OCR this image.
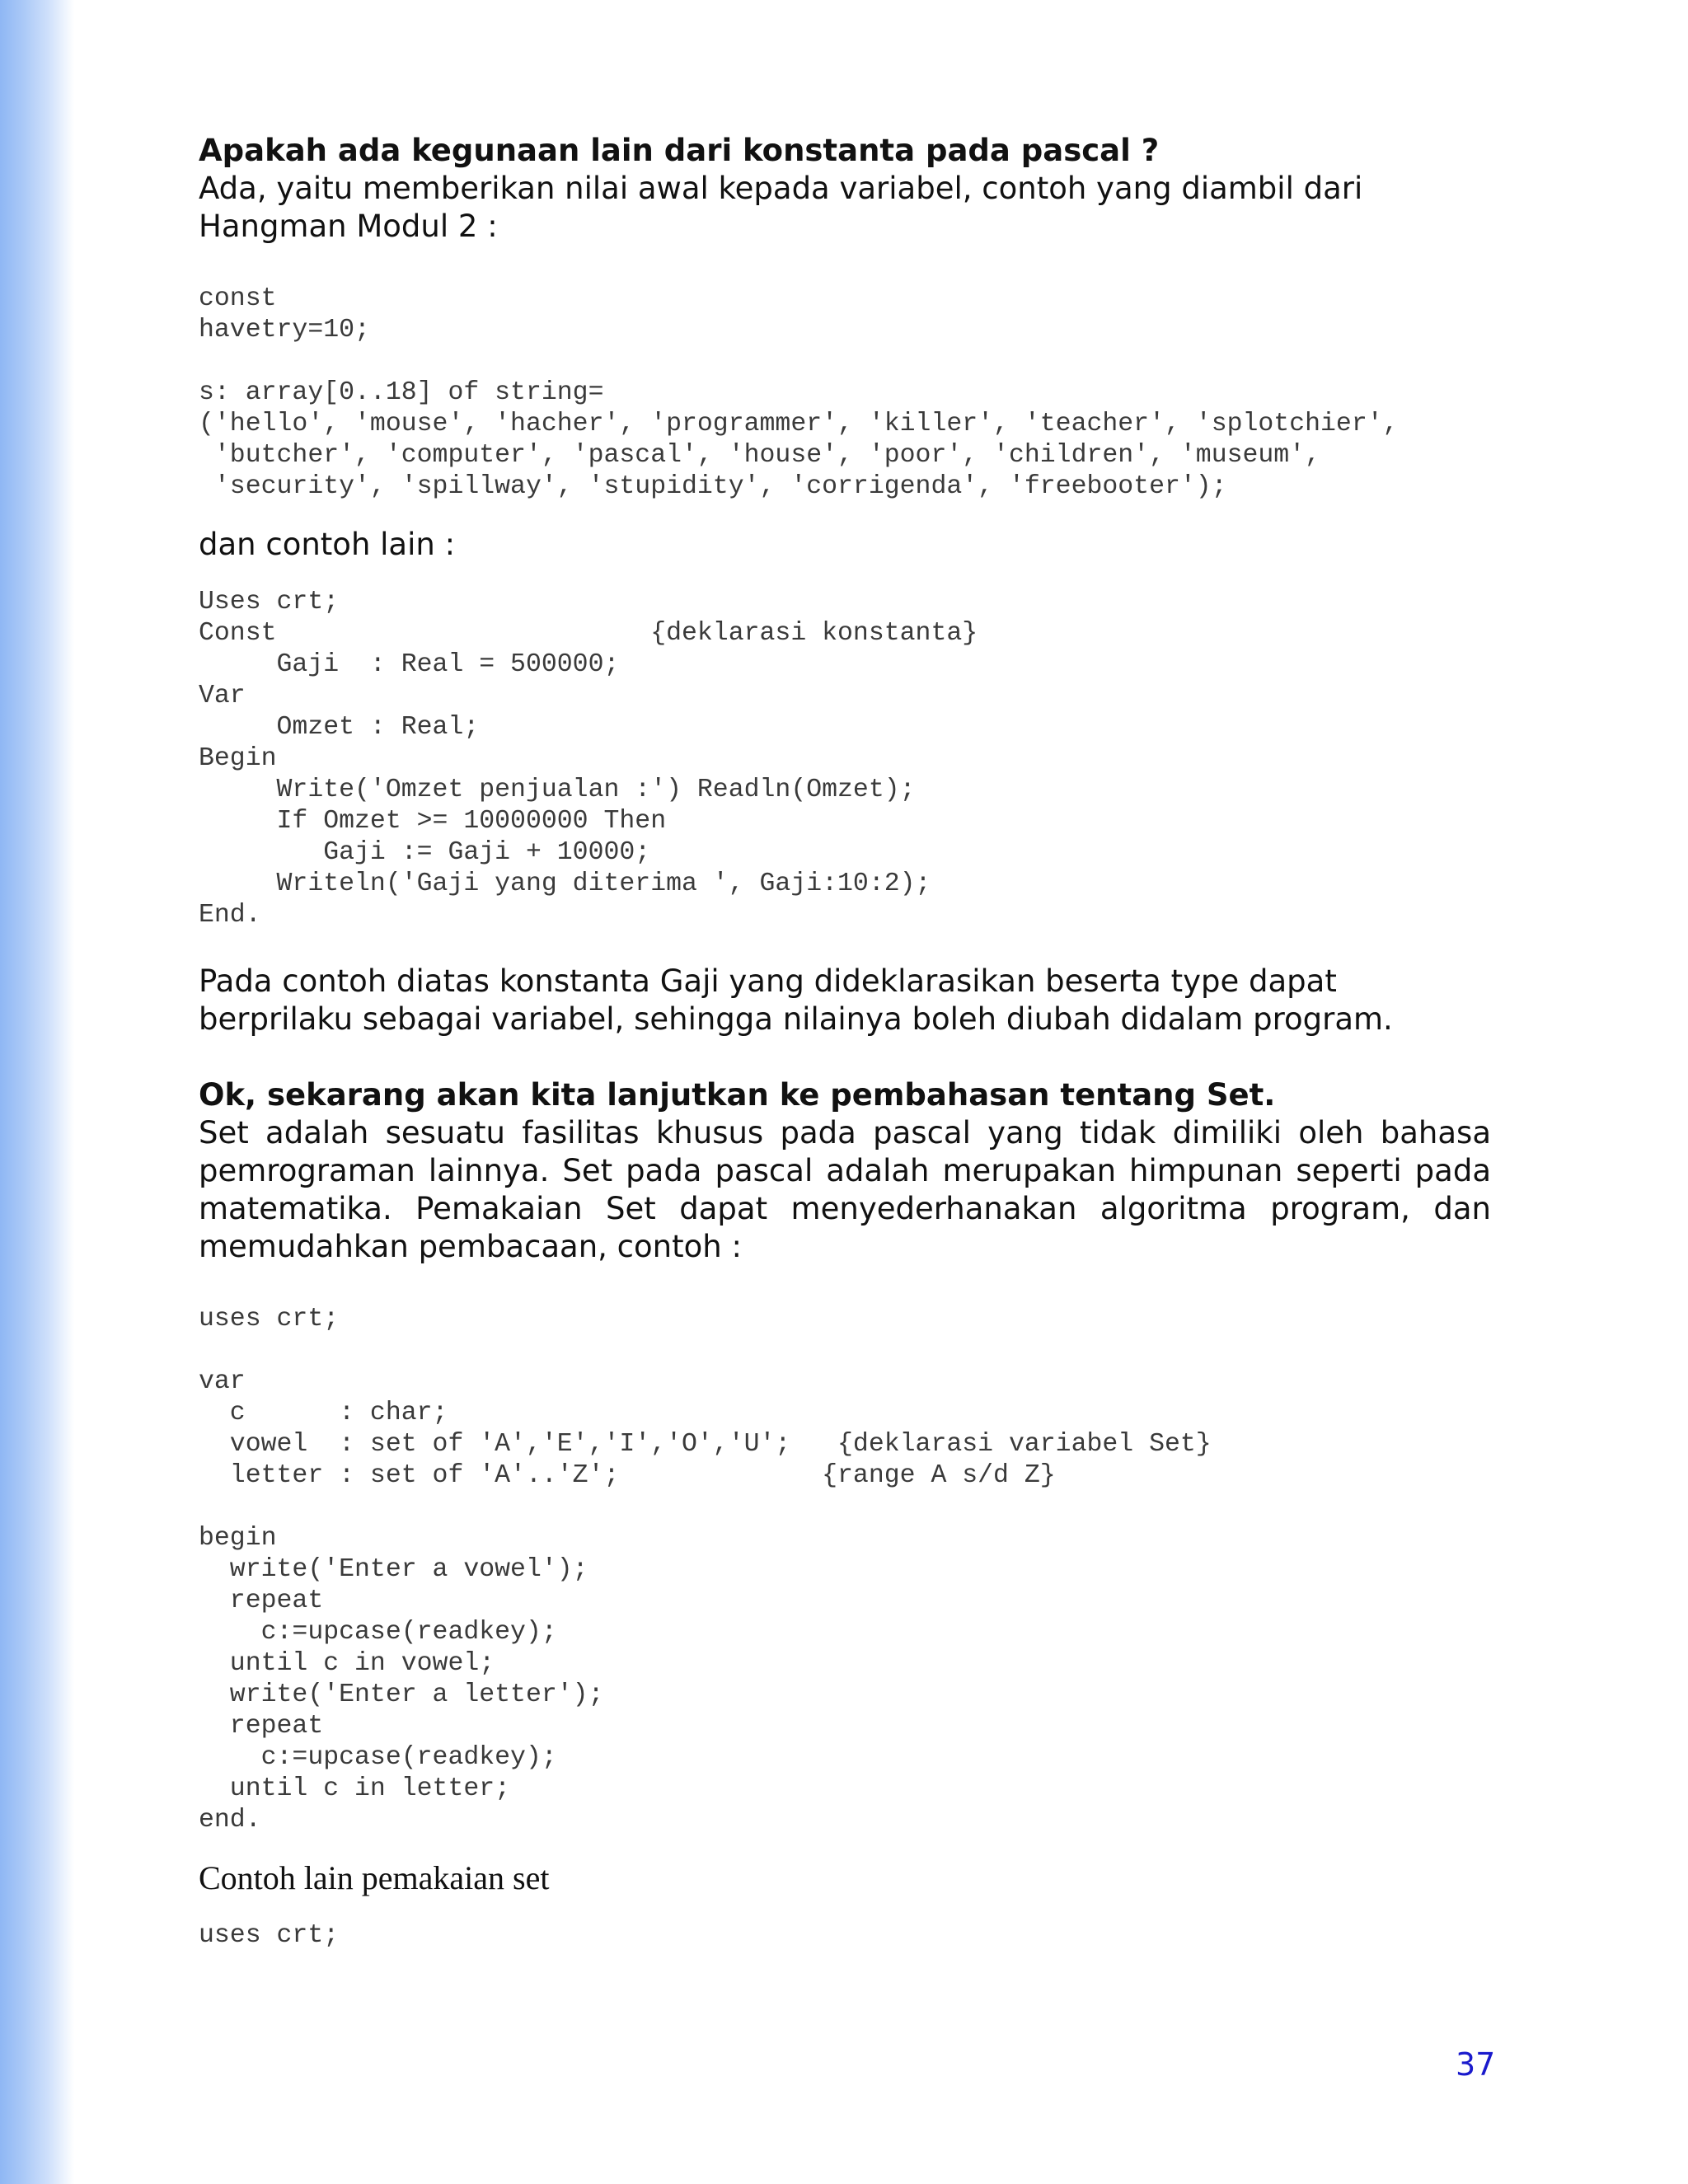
Apakah ada kegunaan lain dari konstanta pada pascal ?

Ada, yaitu memberikan nilai awal kepada variabel, contoh yang diambil dari Hangman Modul 2 :

const
havetry=10;

s: array[0..18] of string=
('hello', 'mouse', 'hacher', 'programmer', 'killer', 'teacher', 'splotchier',
'butcher', 'computer', 'pascal', 'house', 'poor', 'children', 'museum',
'security', 'spillway', 'stupidity', 'corrigenda', 'freebooter');

dan contoh lain :

Uses crt;
Const                        {deklarasi konstanta}
Gaji  : Real = 500000;
Var
Omzet : Real;
Begin
Write('Omzet penjualan :') Readln(Omzet);
If Omzet >= 10000000 Then
Gaji := Gaji + 10000;
Writeln('Gaji yang diterima ', Gaji:10:2);
End.

Pada contoh diatas konstanta Gaji yang dideklarasikan beserta type dapat berprilaku sebagai variabel, sehingga nilainya boleh diubah didalam program.

Ok, sekarang akan kita lanjutkan ke pembahasan tentang Set.

Set adalah sesuatu fasilitas khusus pada pascal yang tidak dimiliki oleh bahasa pemrograman lainnya. Set pada pascal adalah merupakan himpunan seperti pada matematika. Pemakaian Set dapat menyederhanakan algoritma program, dan memudahkan pembacaan, contoh :

uses crt;

var
c      : char;
vowel  : set of 'A','E','I','O','U';   {deklarasi variabel Set}
letter : set of 'A'..'Z';             {range A s/d Z}

begin
write('Enter a vowel');
repeat
c:=upcase(readkey);
until c in vowel;
write('Enter a letter');
repeat
c:=upcase(readkey);
until c in letter;
end.

Contoh lain pemakaian set

uses crt;
37
